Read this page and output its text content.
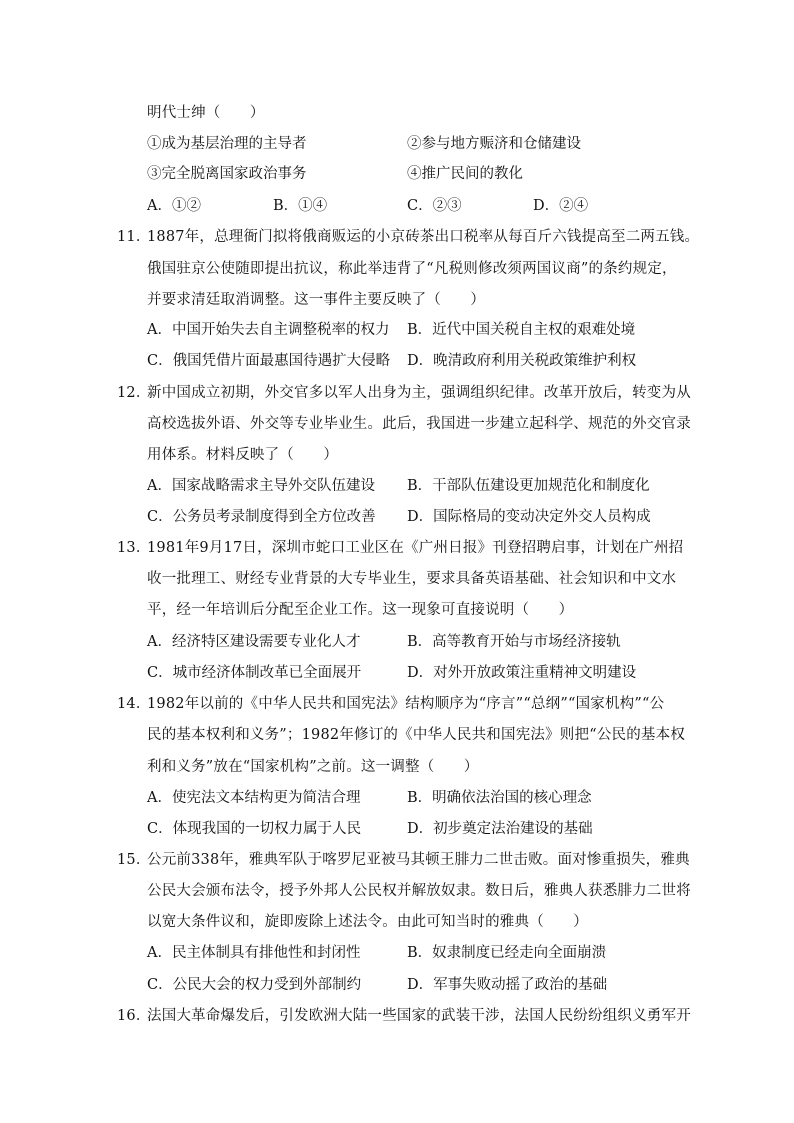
明代士绅（　　）
①成为基层治理的主导者	②参与地方赈济和仓储建设
③完全脱离国家政治事务	④推广民间的教化
A．①②	B．①④	C．②③	D．②④
11．1887年，总理衙门拟将俄商贩运的小京砖茶出口税率从每百斤六钱提高至二两五钱。
俄国驻京公使随即提出抗议，称此举违背了“凡税则修改须两国议商”的条约规定，
并要求清廷取消调整。这一事件主要反映了（　　）
A．中国开始失去自主调整税率的权力 B．近代中国关税自主权的艰难处境
C．俄国凭借片面最惠国待遇扩大侵略 D．晚清政府利用关税政策维护利权
12．新中国成立初期，外交官多以军人出身为主，强调组织纪律。改革开放后，转变为从
高校选拔外语、外交等专业毕业生。此后，我国进一步建立起科学、规范的外交官录
用体系。材料反映了（　　）
A．国家战略需求主导外交队伍建设 B．干部队伍建设更加规范化和制度化
C．公务员考录制度得到全方位改善 D．国际格局的变动决定外交人员构成
13．1981年9月17日，深圳市蛇口工业区在《广州日报》刊登招聘启事，计划在广州招
收一批理工、财经专业背景的大专毕业生，要求具备英语基础、社会知识和中文水
平，经一年培训后分配至企业工作。这一现象可直接说明（　　）
A．经济特区建设需要专业化人才	B．高等教育开始与市场经济接轨
C．城市经济体制改革已全面展开	D．对外开放政策注重精神文明建设
14．1982年以前的《中华人民共和国宪法》结构顺序为“序言”“总纲”“国家机构”“公
民的基本权利和义务”；1982年修订的《中华人民共和国宪法》则把“公民的基本权
利和义务”放在“国家机构”之前。这一调整（　　）
A．使宪法文本结构更为简洁合理	B．明确依法治国的核心理念
C．体现我国的一切权力属于人民	D．初步奠定法治建设的基础
15．公元前338年，雅典军队于喀罗尼亚被马其顿王腓力二世击败。面对惨重损失，雅典
公民大会颁布法令，授予外邦人公民权并解放奴隶。数日后，雅典人获悉腓力二世将
以宽大条件议和，旋即废除上述法令。由此可知当时的雅典（　　）
A．民主体制具有排他性和封闭性	B．奴隶制度已经走向全面崩溃
C．公民大会的权力受到外部制约	D．军事失败动摇了政治的基础
16．法国大革命爆发后，引发欧洲大陆一些国家的武装干涉，法国人民纷纷组织义勇军开
